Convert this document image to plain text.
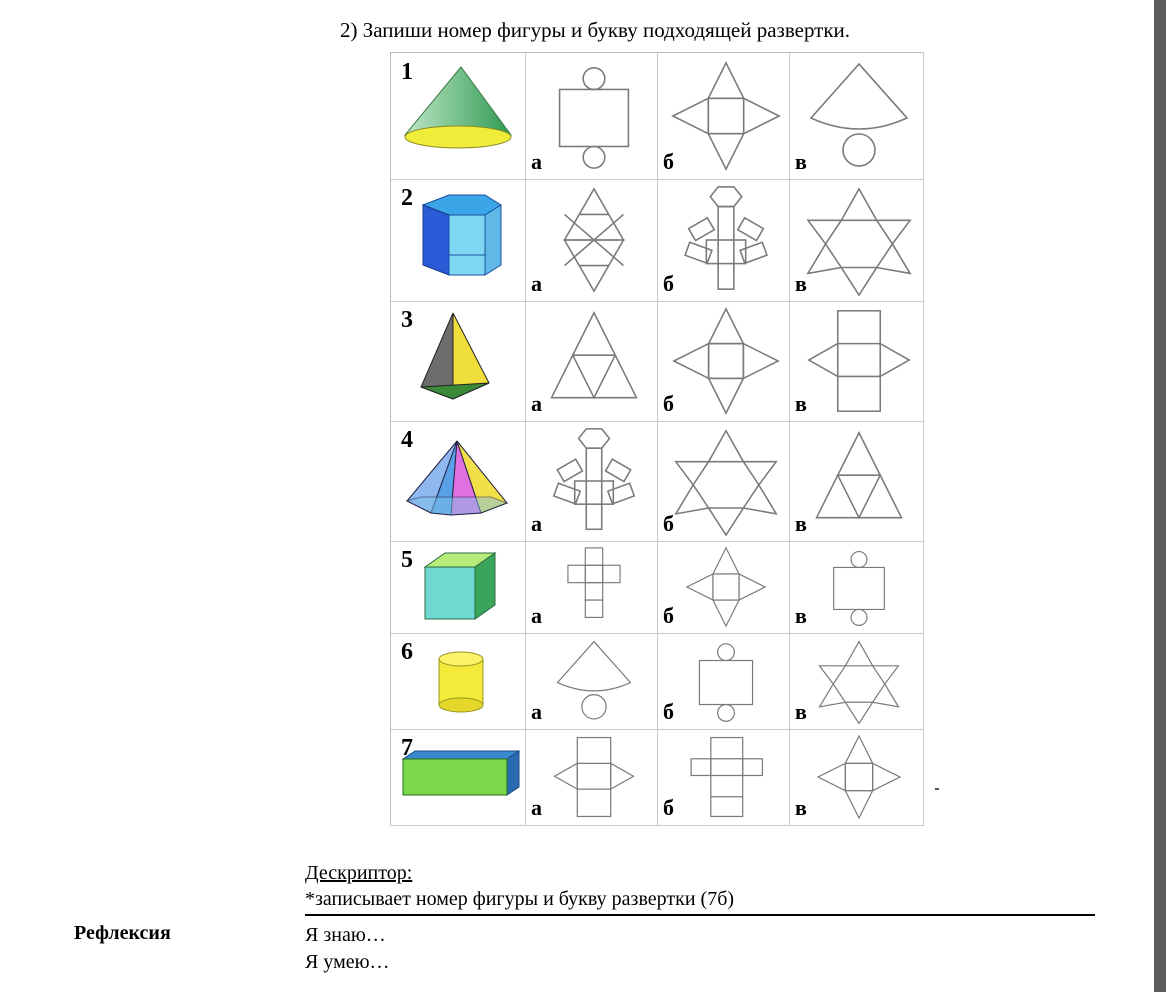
2) Запиши номер фигуры и букву подходящей развертки.
1
а	б	в
2
а	б	в
3
а	б	в
4
а	б	в
5
а	б	в
6
а	б	в
7
а	б	в
Дескриптор:
*записывает номер фигуры и букву развертки (7б)
Рефлексия	Я знаю…
Я умею…
